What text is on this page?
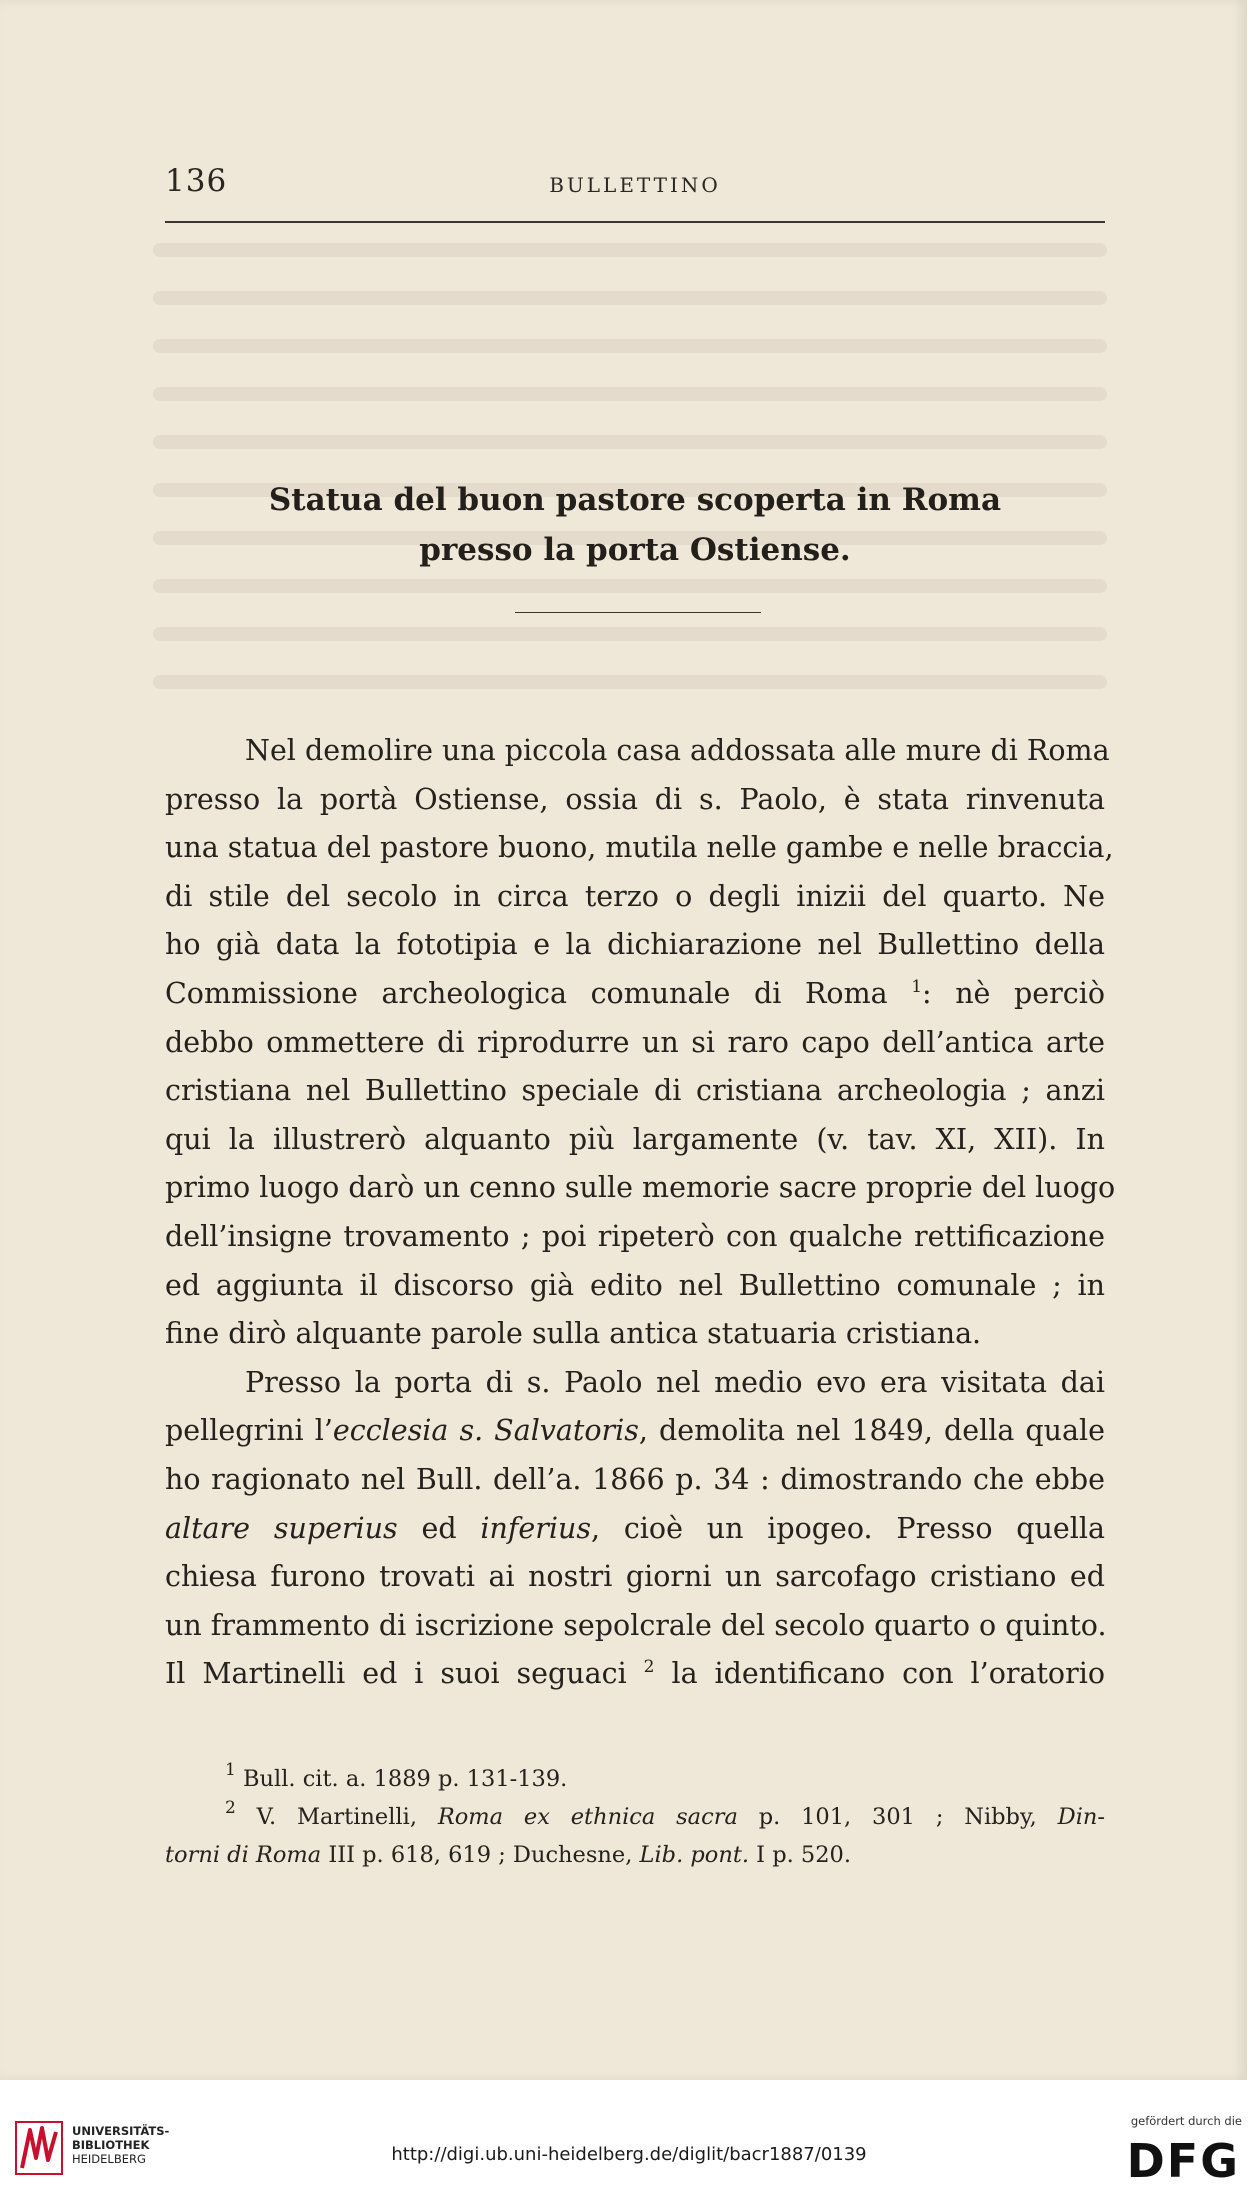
136	BULLETTINO
Statua del buon pastore scoperta in Roma
presso la porta Ostiense.
Nel demolire una piccola casa addossata alle mure di Roma
presso la portà Ostiense, ossia di s. Paolo, è stata rinvenuta
una statua del pastore buono, mutila nelle gambe e nelle braccia,
di stile del secolo in circa terzo o degli inizii del quarto. Ne
ho già data la fototipia e la dichiarazione nel Bullettino della
Commissione archeologica comunale di Roma $^1$: nè perciò
debbo ommettere di riprodurre un si raro capo dell’antica arte
cristiana nel Bullettino speciale di cristiana archeologia ; anzi
qui la illustrerò alquanto più largamente (v. tav. XI, XII). In
primo luogo darò un cenno sulle memorie sacre proprie del luogo
dell’insigne trovamento ; poi ripeterò con qualche rettificazione
ed aggiunta il discorso già edito nel Bullettino comunale ; in
fine dirò alquante parole sulla antica statuaria cristiana.
Presso la porta di s. Paolo nel medio evo era visitata dai
pellegrini l’ecclesia s. Salvatoris, demolita nel 1849, della quale
ho ragionato nel Bull. dell’a. 1866 p. 34 : dimostrando che ebbe
altare superius ed inferius, cioè un ipogeo. Presso quella
chiesa furono trovati ai nostri giorni un sarcofago cristiano ed
un frammento di iscrizione sepolcrale del secolo quarto o quinto.
Il Martinelli ed i suoi seguaci $^2$ la identificano con l’oratorio
$^1$ Bull. cit. a. 1889 p. 131-139.
$^2$ V. Martinelli, Roma ex ethnica sacra p. 101, 301 ; Nibby, Din-
torni di Roma III p. 618, 619 ; Duchesne, Lib. pont. I p. 520.
UNIVERSITÄTS-
BIBLIOTHEK
HEIDELBERG	http://digi.ub.uni-heidelberg.de/diglit/bacr1887/0139
gefördert durch die
DFG
